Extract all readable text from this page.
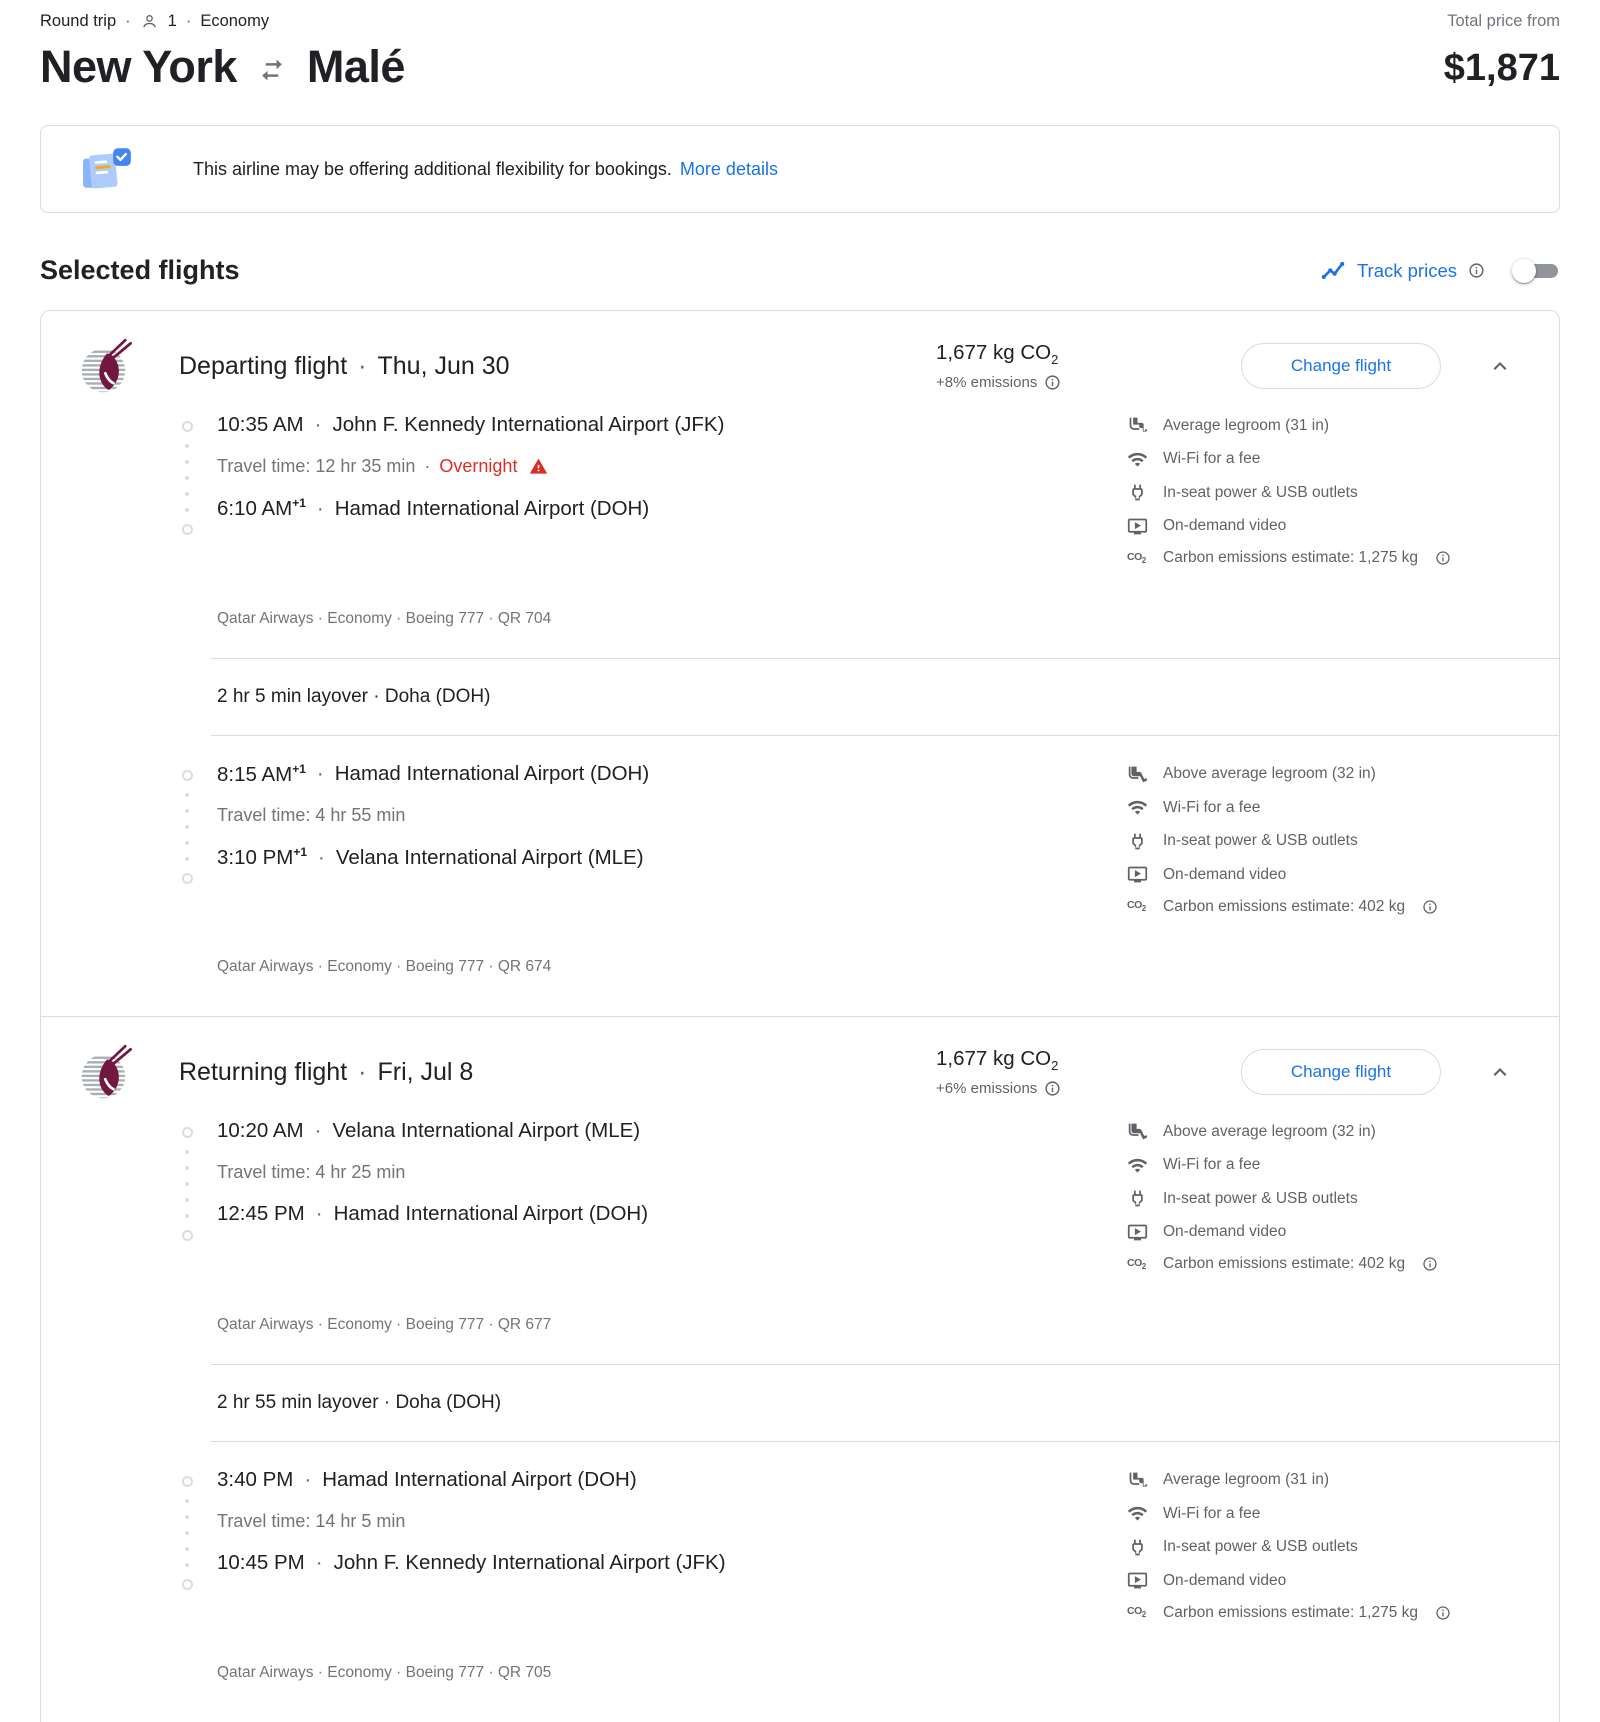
Round trip · 1 · Economy
New York Malé
Total price from
$1,871
This airline may be offering additional flexibility for bookings. More details
Selected flights	Track prices
Departing flight · Thu, Jun 30	1,677 kg $CO_2$
+8% emissions
Change flight
10:35 AM · John F. Kennedy International Airport (JFK)
Travel time: 12 hr 35 min · Overnight
6:10 $AM^{+1}$ · Hamad International Airport (DOH)
Average legroom (31 in)
Wi-Fi for a fee
In-seat power & USB outlets
On-demand video
$CO_2$ Carbon emissions estimate: 1,275 kg
Qatar Airways · Economy · Boeing 777 · QR 704
2 hr 5 min layover · Doha (DOH)
8:15 $AM^{+1}$ · Hamad International Airport (DOH)
Travel time: 4 hr 55 min
3:10 $PM^{+1}$ · Velana International Airport (MLE)
Above average legroom (32 in)
Wi-Fi for a fee
In-seat power & USB outlets
On-demand video
$CO_2$ Carbon emissions estimate: 402 kg
Qatar Airways · Economy · Boeing 777 · QR 674
Returning flight · Fri, Jul 8	1,677 kg $CO_2$
+6% emissions
Change flight
10:20 AM · Velana International Airport (MLE)
Travel time: 4 hr 25 min
12:45 PM · Hamad International Airport (DOH)
Above average legroom (32 in)
Wi-Fi for a fee
In-seat power & USB outlets
On-demand video
$CO_2$ Carbon emissions estimate: 402 kg
Qatar Airways · Economy · Boeing 777 · QR 677
2 hr 55 min layover · Doha (DOH)
3:40 PM · Hamad International Airport (DOH)
Travel time: 14 hr 5 min
10:45 PM · John F. Kennedy International Airport (JFK)
Average legroom (31 in)
Wi-Fi for a fee
In-seat power & USB outlets
On-demand video
$CO_2$ Carbon emissions estimate: 1,275 kg
Qatar Airways · Economy · Boeing 777 · QR 705
